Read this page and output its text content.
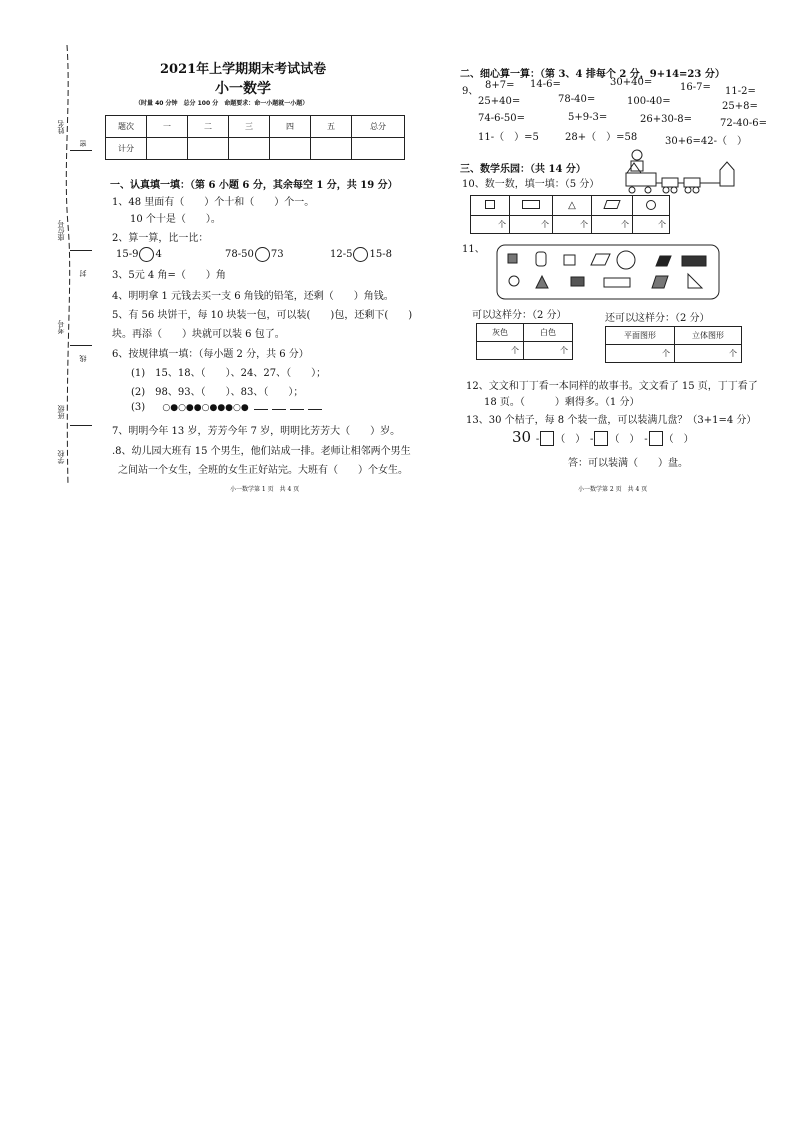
姓名
密
座位号
封
考号
线
班级
学校
2021年上学期期末考试试卷
小一数学
（时量 40 分钟　总分 100 分　命题要求：命一小题就一小题）
题次	一	二	三	四	五	总分
计分						
一、认真填一填：（第 6 小题 6 分，其余每空 1 分，共 19 分）
1、48 里面有（　　）个十和（　　）个一。
10 个十是（　　）。
2、算一算，比一比：
15-9 4	78-50 73	12-5 15-8
3、5元 4 角=（　　）角
4、明明拿 1 元钱去买一支 6 角钱的铅笔，还剩（　　）角钱。
5、有 56 块饼干，每 10 块装一包，可以装(　　)包，还剩下(　　)
块。再添（　　）块就可以装 6 包了。
6、按规律填一填：（每小题 2 分，共 6 分）
(1)　15、18、（　　）、24、27、（　　）；
(2)　98、93、（　　）、83、（　　）；
(3) ○●○●●○●●●○●
7、明明今年 13 岁，芳芳今年 7 岁，明明比芳芳大（　　）岁。
.8、幼儿园大班有 15 个男生，他们站成一排。老师让相邻两个男生
之间站一个女生，全班的女生正好站完。大班有（　　）个女生。
小一数学第 1 页　共 4 页
二、细心算一算：（第 3、4 排每个 2 分，9+14=23 分）
9、
8+7= 14-6=	30+40=	16-7= 11-2=
25+40=	78-40=	100-40=	25+8=
74-6-50=	5+9-3=	26+30-8=	72-40-6=
11-（　）=5	28+（　）=58	30+6=42-（　）
三、数学乐园：（共 14 分）
10、数一数，填一填：（5 分）
		△		
个	个	个	个	个
11、
可以这样分：（2 分）	还可以这样分：（2 分）
灰色	白色
个	个
平面图形	立体图形
个	个
12、文文和丁丁看一本同样的故事书。文文看了 15 页，丁丁看了
18 页。（　　　）剩得多。（1 分）
13、30 个桔子，每 8 个装一盘，可以装满几盘？（3+1=4 分）
30 - （　） - （　） - （　）
答：可以装满（　　）盘。
小一数学第 2 页　共 4 页
